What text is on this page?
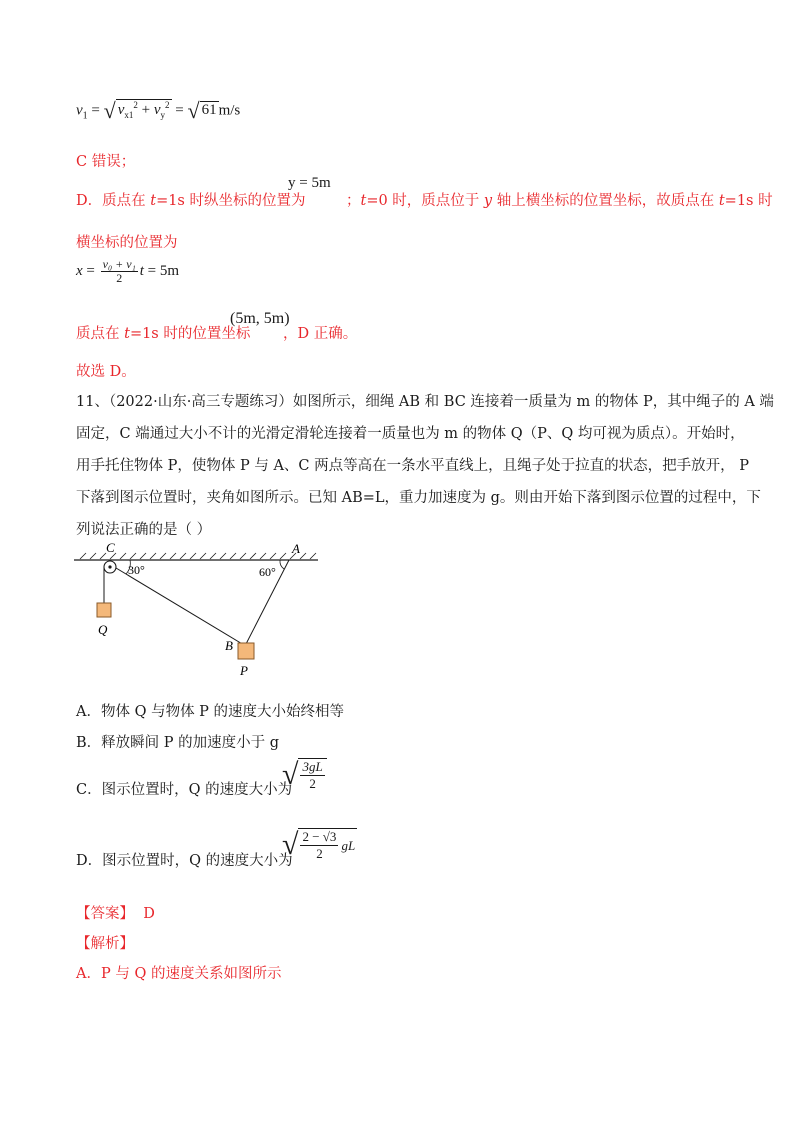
$v_1$ = √ $v_{x1}^2 + v_y^2$ = √ 61 m/s
C 错误；
D．质点在 t=1s 时纵坐标的位置为
y = 5m
；t=0 时，质点位于 y 轴上横坐标的位置坐标，故质点在 t=1s 时
横坐标的位置为
$x = \frac{\text{v₀ + v₁}}{2}$ t = 5m
质点在 t=1s 时的位置坐标
(5m, 5m)
，D 正确。
故选 D。
11、（2022·山东·高三专题练习）如图所示，细绳 AB 和 BC 连接着一质量为 m 的物体 P，其中绳子的 A 端
固定，C 端通过大小不计的光滑定滑轮连接着一质量也为 m 的物体 Q（P、Q 均可视为质点）。开始时，
用手托住物体 P，使物体 P 与 A、C 两点等高在一条水平直线上，且绳子处于拉直的状态，把手放开， P
下落到图示位置时，夹角如图所示。已知 AB=L，重力加速度为 g。则由开始下落到图示位置的过程中，下
列说法正确的是（ ）
C	A
30°	60°
Q
B
P
A．物体 Q 与物体 P 的速度大小始终相等
B．释放瞬间 P 的加速度小于 g
C．图示位置时，Q 的速度大小为
√ $\frac{3gL}{2}$
D．图示位置时，Q 的速度大小为
√ 2 − √3
2
gL
【答案】 D
【解析】
A．P 与 Q 的速度关系如图所示
